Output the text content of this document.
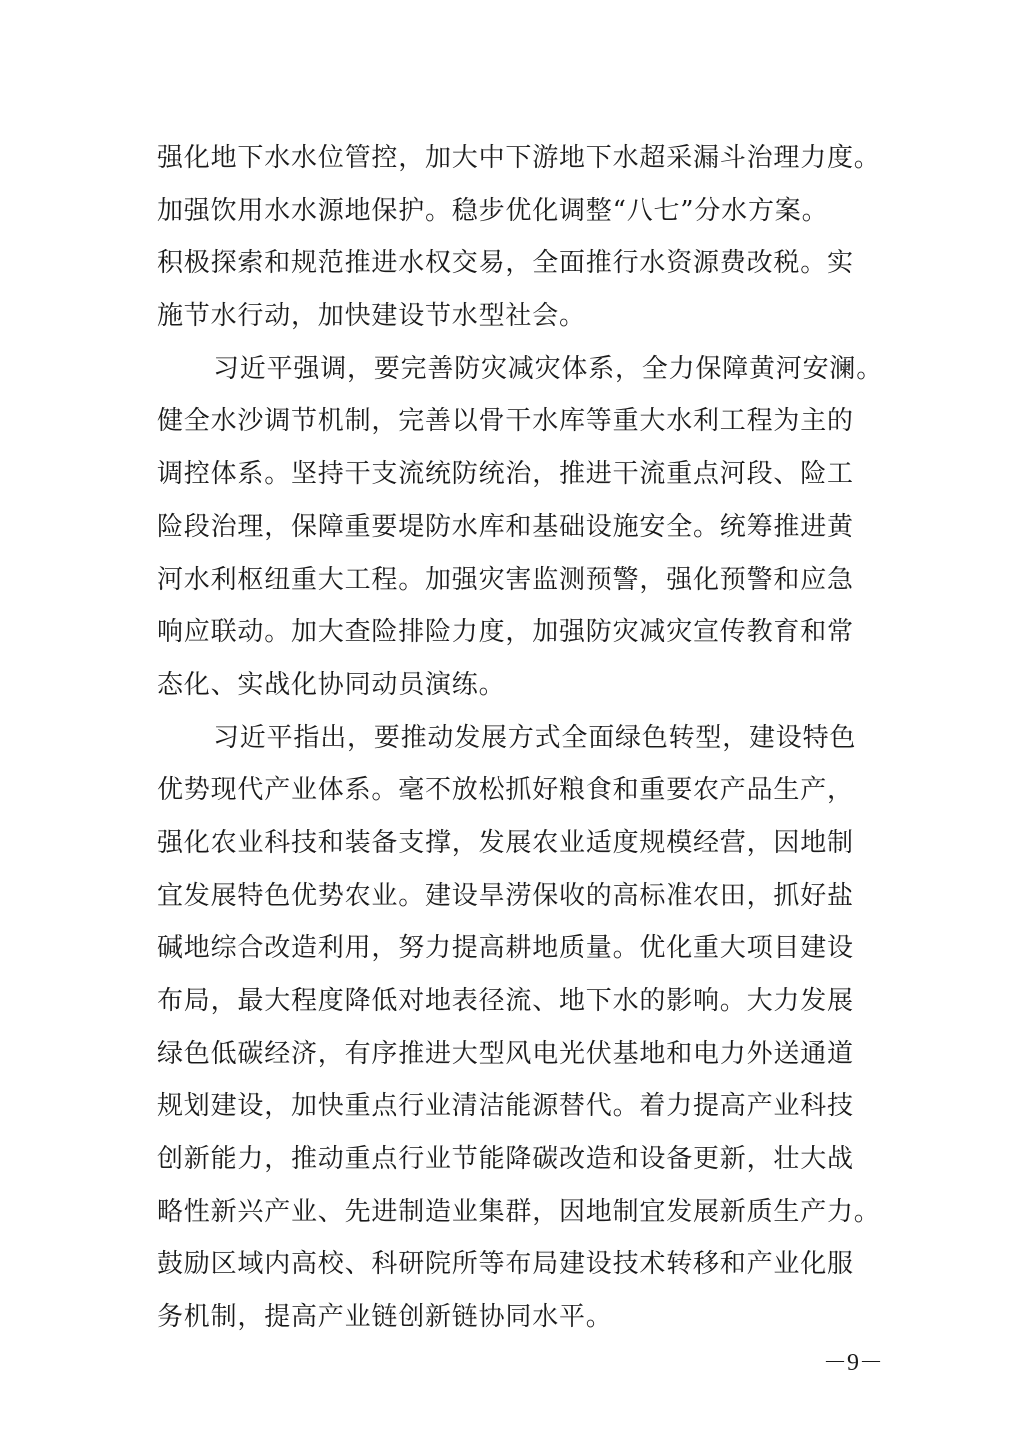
强化地下水水位管控，加大中下游地下水超采漏斗治理力度。
加强饮用水水源地保护。稳步优化调整“八七”分水方案。
积极探索和规范推进水权交易，全面推行水资源费改税。实
施节水行动，加快建设节水型社会。
习近平强调，要完善防灾减灾体系，全力保障黄河安澜。
健全水沙调节机制，完善以骨干水库等重大水利工程为主的
调控体系。坚持干支流统防统治，推进干流重点河段、险工
险段治理，保障重要堤防水库和基础设施安全。统筹推进黄
河水利枢纽重大工程。加强灾害监测预警，强化预警和应急
响应联动。加大查险排险力度，加强防灾减灾宣传教育和常
态化、实战化协同动员演练。
习近平指出，要推动发展方式全面绿色转型，建设特色
优势现代产业体系。毫不放松抓好粮食和重要农产品生产，
强化农业科技和装备支撑，发展农业适度规模经营，因地制
宜发展特色优势农业。建设旱涝保收的高标准农田，抓好盐
碱地综合改造利用，努力提高耕地质量。优化重大项目建设
布局，最大程度降低对地表径流、地下水的影响。大力发展
绿色低碳经济，有序推进大型风电光伏基地和电力外送通道
规划建设，加快重点行业清洁能源替代。着力提高产业科技
创新能力，推动重点行业节能降碳改造和设备更新，壮大战
略性新兴产业、先进制造业集群，因地制宜发展新质生产力。
鼓励区域内高校、科研院所等布局建设技术转移和产业化服
务机制，提高产业链创新链协同水平。
－9－
